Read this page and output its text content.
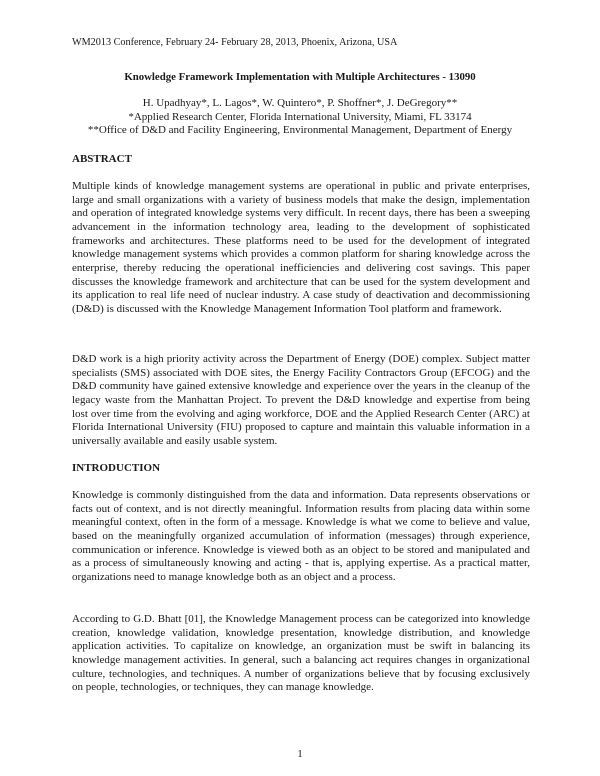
WM2013 Conference, February 24- February 28, 2013, Phoenix, Arizona, USA
Knowledge Framework Implementation with Multiple Architectures - 13090
H. Upadhyay*, L. Lagos*, W. Quintero*, P. Shoffner*, J. DeGregory**
*Applied Research Center, Florida International University, Miami, FL 33174
**Office of D&D and Facility Engineering, Environmental Management, Department of Energy
ABSTRACT
Multiple kinds of knowledge management systems are operational in public and private enterprises, large and small organizations with a variety of business models that make the design, implementation and operation of integrated knowledge systems very difficult. In recent days, there has been a sweeping advancement in the information technology area, leading to the development of sophisticated frameworks and architectures. These platforms need to be used for the development of integrated knowledge management systems which provides a common platform for sharing knowledge across the enterprise, thereby reducing the operational inefficiencies and delivering cost savings. This paper discusses the knowledge framework and architecture that can be used for the system development and its application to real life need of nuclear industry. A case study of deactivation and decommissioning (D&D) is discussed with the Knowledge Management Information Tool platform and framework.
D&D work is a high priority activity across the Department of Energy (DOE) complex. Subject matter specialists (SMS) associated with DOE sites, the Energy Facility Contractors Group (EFCOG) and the D&D community have gained extensive knowledge and experience over the years in the cleanup of the legacy waste from the Manhattan Project. To prevent the D&D knowledge and expertise from being lost over time from the evolving and aging workforce, DOE and the Applied Research Center (ARC) at Florida International University (FIU) proposed to capture and maintain this valuable information in a universally available and easily usable system.
INTRODUCTION
Knowledge is commonly distinguished from the data and information. Data represents observations or facts out of context, and is not directly meaningful. Information results from placing data within some meaningful context, often in the form of a message. Knowledge is what we come to believe and value, based on the meaningfully organized accumulation of information (messages) through experience, communication or inference. Knowledge is viewed both as an object to be stored and manipulated and as a process of simultaneously knowing and acting - that is, applying expertise. As a practical matter, organizations need to manage knowledge both as an object and a process.
According to G.D. Bhatt [01], the Knowledge Management process can be categorized into knowledge creation, knowledge validation, knowledge presentation, knowledge distribution, and knowledge application activities. To capitalize on knowledge, an organization must be swift in balancing its knowledge management activities. In general, such a balancing act requires changes in organizational culture, technologies, and techniques. A number of organizations believe that by focusing exclusively on people, technologies, or techniques, they can manage knowledge.
1
